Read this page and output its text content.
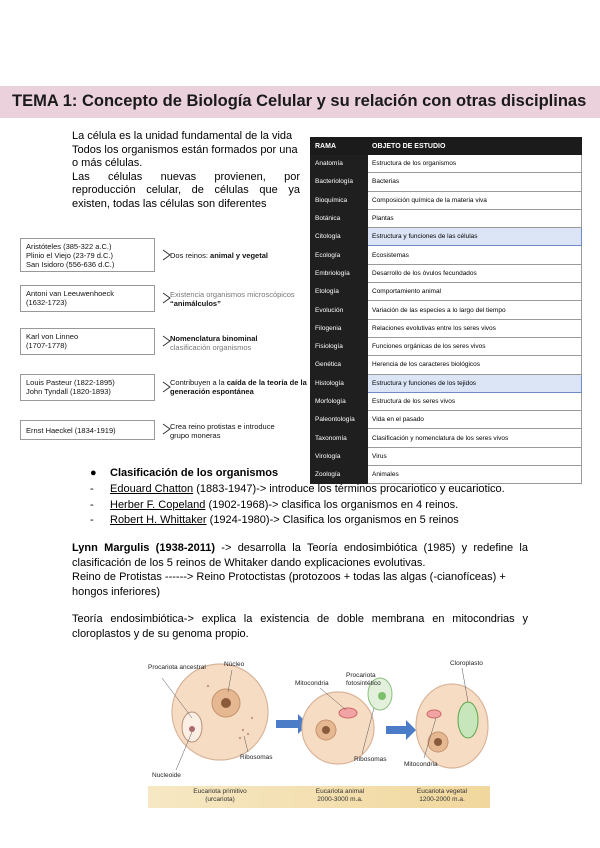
TEMA 1: Concepto de Biología Celular y su relación con otras disciplinas

La célula es la unidad fundamental de la vida

Todos los organismos están formados por una o más células.

Las células nuevas provienen, por reproducción celular, de células que ya existen, todas las células son diferentes

Aristóteles (385-322 a.C.)
Plinio el Viejo (23-79 d.C.)
San Isidoro (556-636 d.C.)
Dos reinos: animal y vegetal
Antoni van Leeuwenhoeck
(1632-1723)
Existencia organismos microscópicos
“animálculos”
Karl von Linneo
(1707-1778)
Nomenclatura binominal
clasificación organismos
Louis Pasteur (1822-1895)
John Tyndall (1820-1893)
Contribuyen a la caída de la teoría de la generación espontánea
Ernst Haeckel (1834-1919)	Crea reino protistas e introduce
grupo moneras
RAMA	OBJETO DE ESTUDIO
Anatomía	Estructura de los organismos
Bacteriología	Bacterias
Bioquímica	Composición química de la materia viva
Botánica	Plantas
Citología	Estructura y funciones de las células
Ecología	Ecosistemas
Embriología	Desarrollo de los óvulos fecundados
Etología	Comportamiento animal
Evolución	Variación de las especies a lo largo del tiempo
Filogenia	Relaciones evolutivas entre los seres vivos
Fisiología	Funciones orgánicas de los seres vivos
Genética	Herencia de los caracteres biológicos
Histología	Estructura y funciones de los tejidos
Morfología	Estructura de los seres vivos
Paleontología	Vida en el pasado
Taxonomía	Clasificación y nomenclatura de los seres vivos
Virología	Virus
Zoología	Animales
● Clasificación de los organismos
- Edouard Chatton (1883-1947)-> introduce los términos procariotico y eucariotico.
- Herber F. Copeland (1902-1968)-> clasifica los organismos en 4 reinos.
- Robert H. Whittaker (1924-1980)-> Clasifica los organismos en 5 reinos

Lynn Margulis (1938-2011) -> desarrolla la Teoría endosimbiótica (1985) y redefine la clasificación de los 5 reinos de Whitaker dando explicaciones evolutivas.

Reino de Protistas ------> Reino Protoctistas (protozoos + todas las algas (-cianofíceas) + hongos inferiores)

Teoría endosimbiótica-> explica la existencia de doble membrana en mitocondrias y cloroplastos y de su genoma propio.

Procariota ancestral	Núcleo
Nucleoide
Ribosomas
Mitocondria
Procariota fotosintético
Ribosomas
Cloroplasto
Mitocondria
Eucariota primitivo
(urcariota)
Eucariota animal
2000-3000 m.a.
Eucariota vegetal
1200-2000 m.a.
